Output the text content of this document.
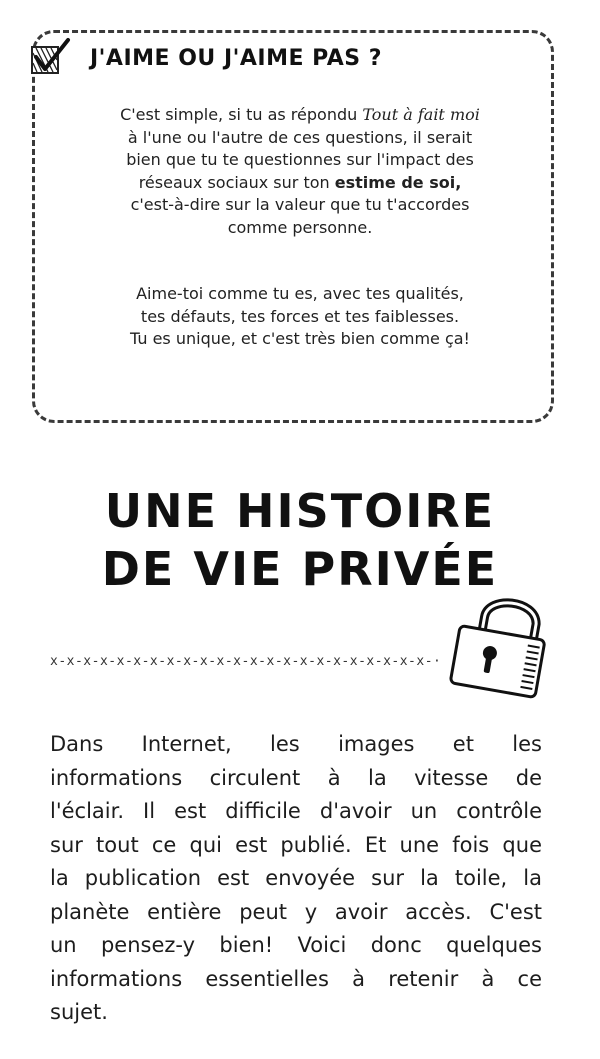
J'AIME OU J'AIME PAS ?
C'est simple, si tu as répondu Tout à fait moi
à l'une ou l'autre de ces questions, il serait
bien que tu te questionnes sur l'impact des
réseaux sociaux sur ton estime de soi,
c'est-à-dire sur la valeur que tu t'accordes
comme personne.
Aime-toi comme tu es, avec tes qualités,
tes défauts, tes forces et tes faiblesses.
Tu es unique, et c'est très bien comme ça!
UNE HISTOIRE
DE VIE PRIVÉE
x-x-x-x-x-x-x-x-x-x-x-x-x-x-x-x-x-x-x-x-x-x-x-·
Dans Internet, les images et les
informations circulent à la vitesse de
l'éclair. Il est difficile d'avoir un contrôle
sur tout ce qui est publié. Et une fois que
la publication est envoyée sur la toile, la
planète entière peut y avoir accès. C'est
un pensez-y bien! Voici donc quelques
informations essentielles à retenir à ce
sujet.
